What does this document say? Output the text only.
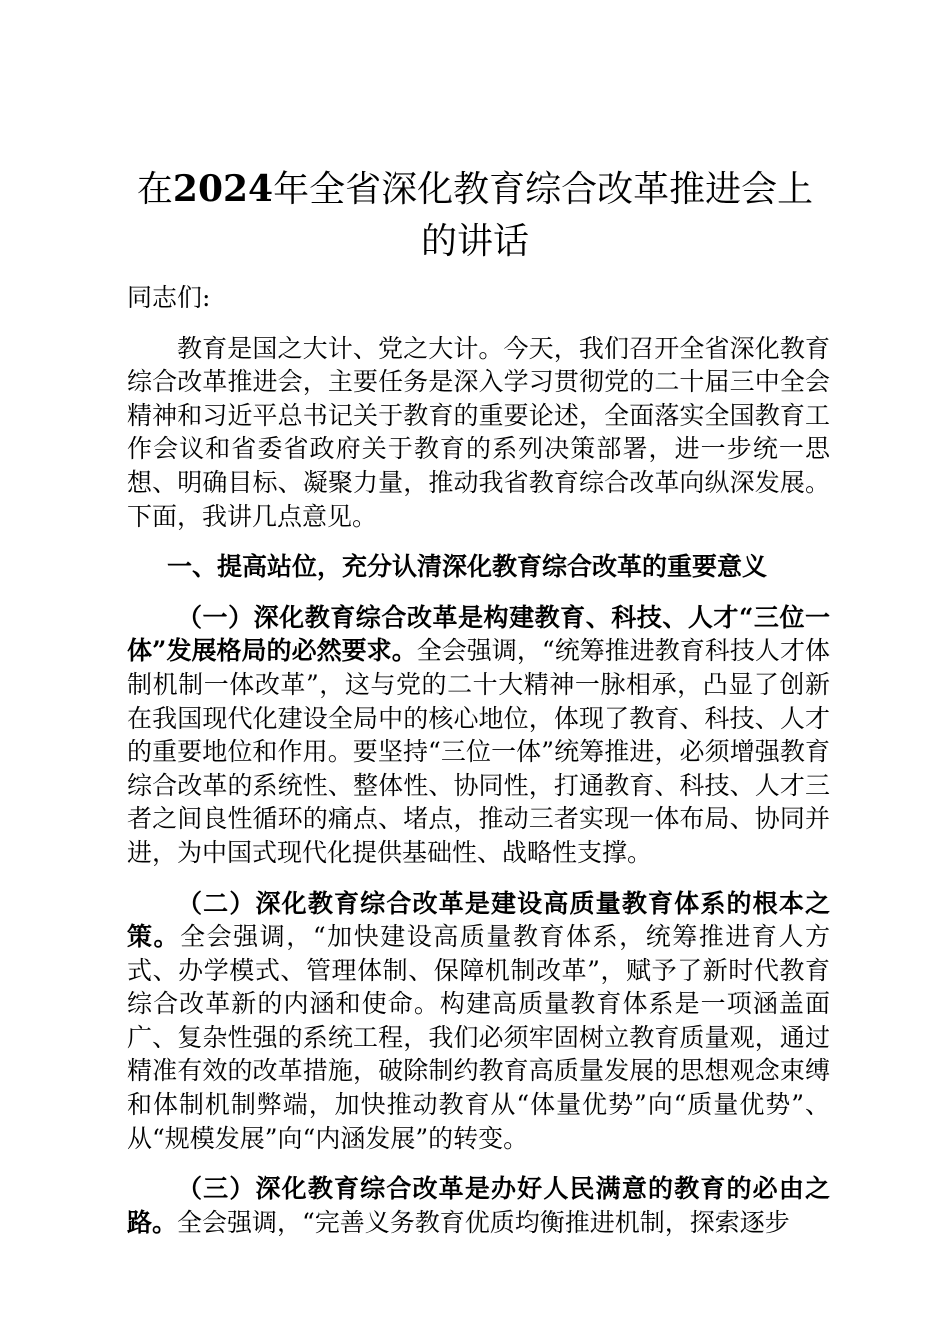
在2024年全省深化教育综合改革推进会上的讲话

同志们:

教育是国之大计、党之大计。今天，我们召开全省深化教育综合改革推进会，主要任务是深入学习贯彻党的二十届三中全会精神和习近平总书记关于教育的重要论述，全面落实全国教育工作会议和省委省政府关于教育的系列决策部署，进一步统一思想、明确目标、凝聚力量，推动我省教育综合改革向纵深发展。下面，我讲几点意见。

一、提高站位，充分认清深化教育综合改革的重要意义

（一）深化教育综合改革是构建教育、科技、人才“三位一体”发展格局的必然要求。全会强调，“统筹推进教育科技人才体制机制一体改革”，这与党的二十大精神一脉相承，凸显了创新在我国现代化建设全局中的核心地位，体现了教育、科技、人才的重要地位和作用。要坚持“三位一体”统筹推进，必须增强教育综合改革的系统性、整体性、协同性，打通教育、科技、人才三者之间良性循环的痛点、堵点，推动三者实现一体布局、协同并进，为中国式现代化提供基础性、战略性支撑。

（二）深化教育综合改革是建设高质量教育体系的根本之策。全会强调，“加快建设高质量教育体系，统筹推进育人方式、办学模式、管理体制、保障机制改革”，赋予了新时代教育综合改革新的内涵和使命。构建高质量教育体系是一项涵盖面广、复杂性强的系统工程，我们必须牢固树立教育质量观，通过精准有效的改革措施，破除制约教育高质量发展的思想观念束缚和体制机制弊端，加快推动教育从“体量优势”向“质量优势”、从“规模发展”向“内涵发展”的转变。

（三）深化教育综合改革是办好人民满意的教育的必由之路。全会强调，“完善义务教育优质均衡推进机制，探索逐步
